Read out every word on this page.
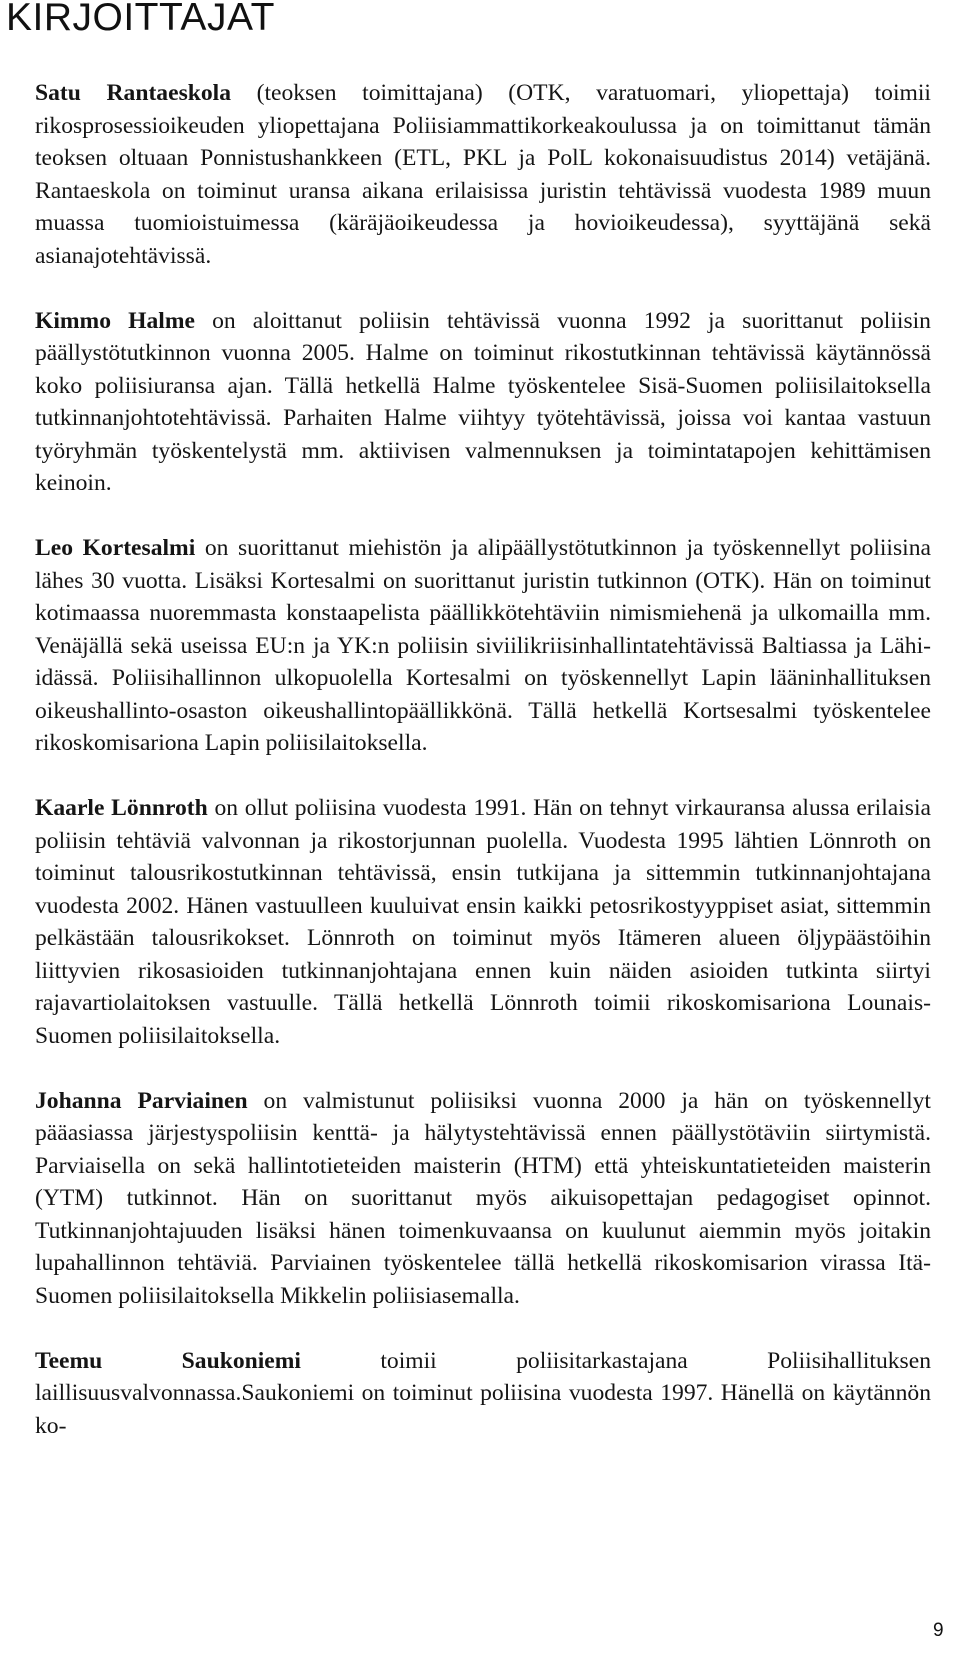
KIRJOITTAJAT

Satu Rantaeskola (teoksen toimittajana) (OTK, varatuomari, yliopettaja) toimii rikosprosessioikeuden yliopettajana Poliisiammattikorkeakoulussa ja on toimittanut tämän teoksen oltuaan Ponnistushankkeen (ETL, PKL ja PolL kokonaisuudistus 2014) vetäjänä. Rantaeskola on toiminut uransa aikana erilaisissa juristin tehtävissä vuodesta 1989 muun muassa tuomioistuimessa (käräjäoikeudessa ja hovioikeudessa), syyttäjänä sekä asianajotehtävissä.

Kimmo Halme on aloittanut poliisin tehtävissä vuonna 1992 ja suorittanut poliisin päällystötutkinnon vuonna 2005. Halme on toiminut rikostutkinnan tehtävissä käytännössä koko poliisiuransa ajan. Tällä hetkellä Halme työskentelee Sisä-Suomen poliisilaitoksella tutkinnanjohtotehtävissä. Parhaiten Halme viihtyy työtehtävissä, joissa voi kantaa vastuun työryhmän työskentelystä mm. aktiivisen valmennuksen ja toimintatapojen kehittämisen keinoin.

Leo Kortesalmi on suorittanut miehistön ja alipäällystötutkinnon ja työskennellyt poliisina lähes 30 vuotta. Lisäksi Kortesalmi on suorittanut juristin tutkinnon (OTK). Hän on toiminut kotimaassa nuoremmasta konstaapelista päällikkötehtäviin nimismiehenä ja ulkomailla mm. Venäjällä sekä useissa EU:n ja YK:n poliisin siviilikriisinhallintatehtävissä Baltiassa ja Lähi-idässä. Poliisihallinnon ulkopuolella Kortesalmi on työskennellyt Lapin lääninhallituksen oikeushallinto-osaston oikeushallintopäällikkönä. Tällä hetkellä Kortsesalmi työskentelee rikoskomisariona Lapin poliisilaitoksella.

Kaarle Lönnroth on ollut poliisina vuodesta 1991. Hän on tehnyt virkauransa alussa erilaisia poliisin tehtäviä valvonnan ja rikostorjunnan puolella. Vuodesta 1995 lähtien Lönnroth on toiminut talousrikostutkinnan tehtävissä, ensin tutkijana ja sittemmin tutkinnanjohtajana vuodesta 2002. Hänen vastuulleen kuuluivat ensin kaikki petosrikostyyppiset asiat, sittemmin pelkästään talousrikokset. Lönnroth on toiminut myös Itämeren alueen öljypäästöihin liittyvien rikosasioiden tutkinnanjohtajana ennen kuin näiden asioiden tutkinta siirtyi rajavartiolaitoksen vastuulle. Tällä hetkellä Lönnroth toimii rikoskomisariona Lounais-Suomen poliisilaitoksella.

Johanna Parviainen on valmistunut poliisiksi vuonna 2000 ja hän on työskennellyt pääasiassa järjestyspoliisin kenttä- ja hälytystehtävissä ennen päällystötäviin siirtymistä. Parviaisella on sekä hallintotieteiden maisterin (HTM) että yhteiskuntatieteiden maisterin (YTM) tutkinnot. Hän on suorittanut myös aikuisopettajan pedagogiset opinnot. Tutkinnanjohtajuuden lisäksi hänen toimenkuvaansa on kuulunut aiemmin myös joitakin lupahallinnon tehtäviä. Parviainen työskentelee tällä hetkellä rikoskomisarion virassa Itä-Suomen poliisilaitoksella Mikkelin poliisiasemalla.

Teemu Saukoniemi toimii poliisitarkastajana Poliisihallituksen laillisuusvalvonnassa.Saukoniemi on toiminut poliisina vuodesta 1997. Hänellä on käytännön ko-

9
